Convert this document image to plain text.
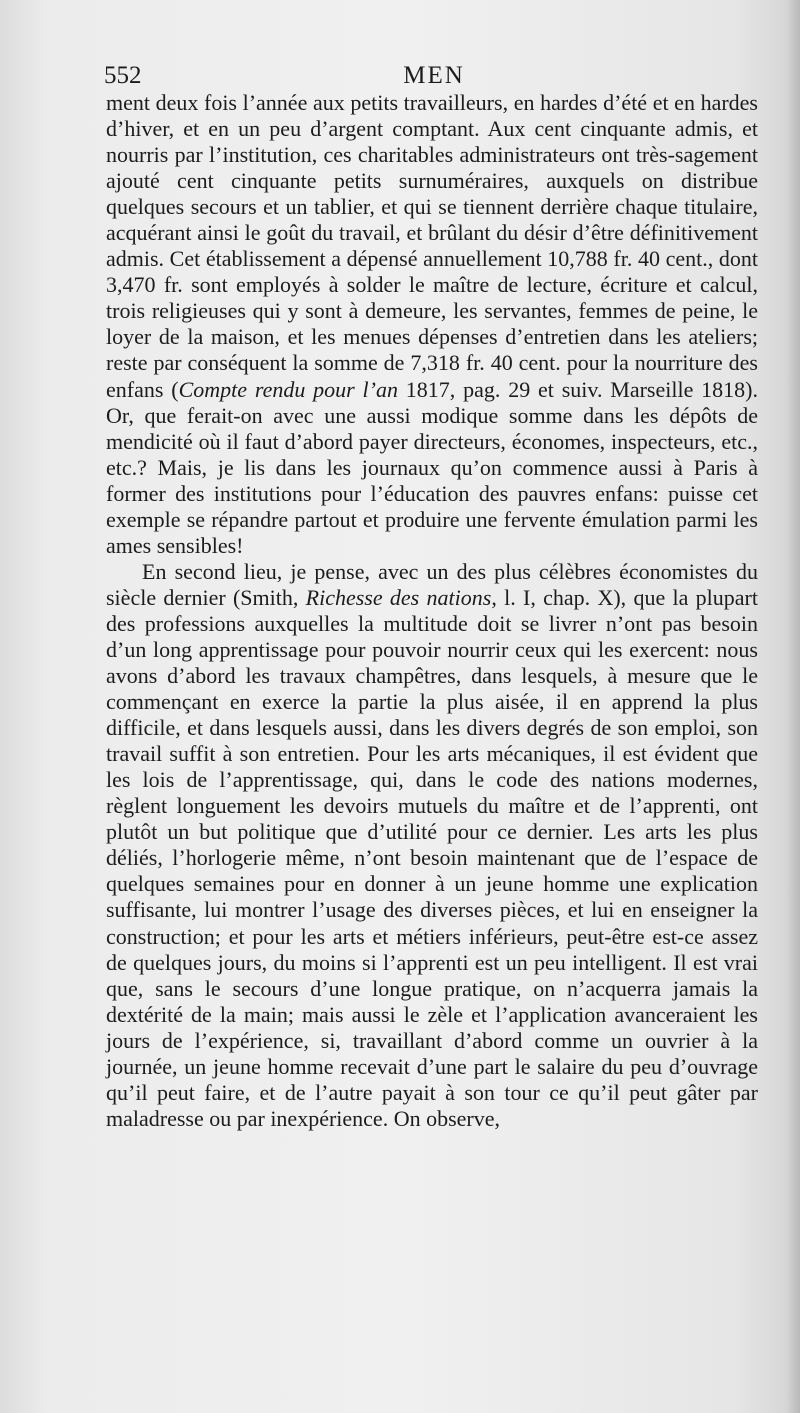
552	MEN

ment deux fois l’année aux petits travailleurs, en hardes d’été et en hardes d’hiver, et en un peu d’argent comptant. Aux cent cinquante admis, et nourris par l’institution, ces charitables administrateurs ont très-sagement ajouté cent cinquante petits surnuméraires, auxquels on distribue quelques secours et un tablier, et qui se tiennent derrière chaque titulaire, acquérant ainsi le goût du travail, et brûlant du désir d’être définitivement admis. Cet établissement a dépensé annuellement 10,788 fr. 40 cent., dont 3,470 fr. sont employés à solder le maître de lecture, écriture et calcul, trois religieuses qui y sont à demeure, les servantes, femmes de peine, le loyer de la maison, et les menues dépenses d’entretien dans les ateliers; reste par conséquent la somme de 7,318 fr. 40 cent. pour la nourriture des enfans (Compte rendu pour l’an 1817, pag. 29 et suiv. Marseille 1818). Or, que ferait-on avec une aussi modique somme dans les dépôts de mendicité où il faut d’abord payer directeurs, économes, inspecteurs, etc., etc.? Mais, je lis dans les journaux qu’on commence aussi à Paris à former des institutions pour l’éducation des pauvres enfans: puisse cet exemple se répandre partout et produire une fervente émulation parmi les ames sensibles!

En second lieu, je pense, avec un des plus célèbres économistes du siècle dernier (Smith, Richesse des nations, l. I, chap. X), que la plupart des professions auxquelles la multitude doit se livrer n’ont pas besoin d’un long apprentissage pour pouvoir nourrir ceux qui les exercent: nous avons d’abord les travaux champêtres, dans lesquels, à mesure que le commençant en exerce la partie la plus aisée, il en apprend la plus difficile, et dans lesquels aussi, dans les divers degrés de son emploi, son travail suffit à son entretien. Pour les arts mécaniques, il est évident que les lois de l’apprentissage, qui, dans le code des nations modernes, règlent longuement les devoirs mutuels du maître et de l’apprenti, ont plutôt un but politique que d’utilité pour ce dernier. Les arts les plus déliés, l’horlogerie même, n’ont besoin maintenant que de l’espace de quelques semaines pour en donner à un jeune homme une explication suffisante, lui montrer l’usage des diverses pièces, et lui en enseigner la construction; et pour les arts et métiers inférieurs, peut-être est-ce assez de quelques jours, du moins si l’apprenti est un peu intelligent. Il est vrai que, sans le secours d’une longue pratique, on n’acquerra jamais la dextérité de la main; mais aussi le zèle et l’application avanceraient les jours de l’expérience, si, travaillant d’abord comme un ouvrier à la journée, un jeune homme recevait d’une part le salaire du peu d’ouvrage qu’il peut faire, et de l’autre payait à son tour ce qu’il peut gâter par maladresse ou par inexpérience. On observe,
